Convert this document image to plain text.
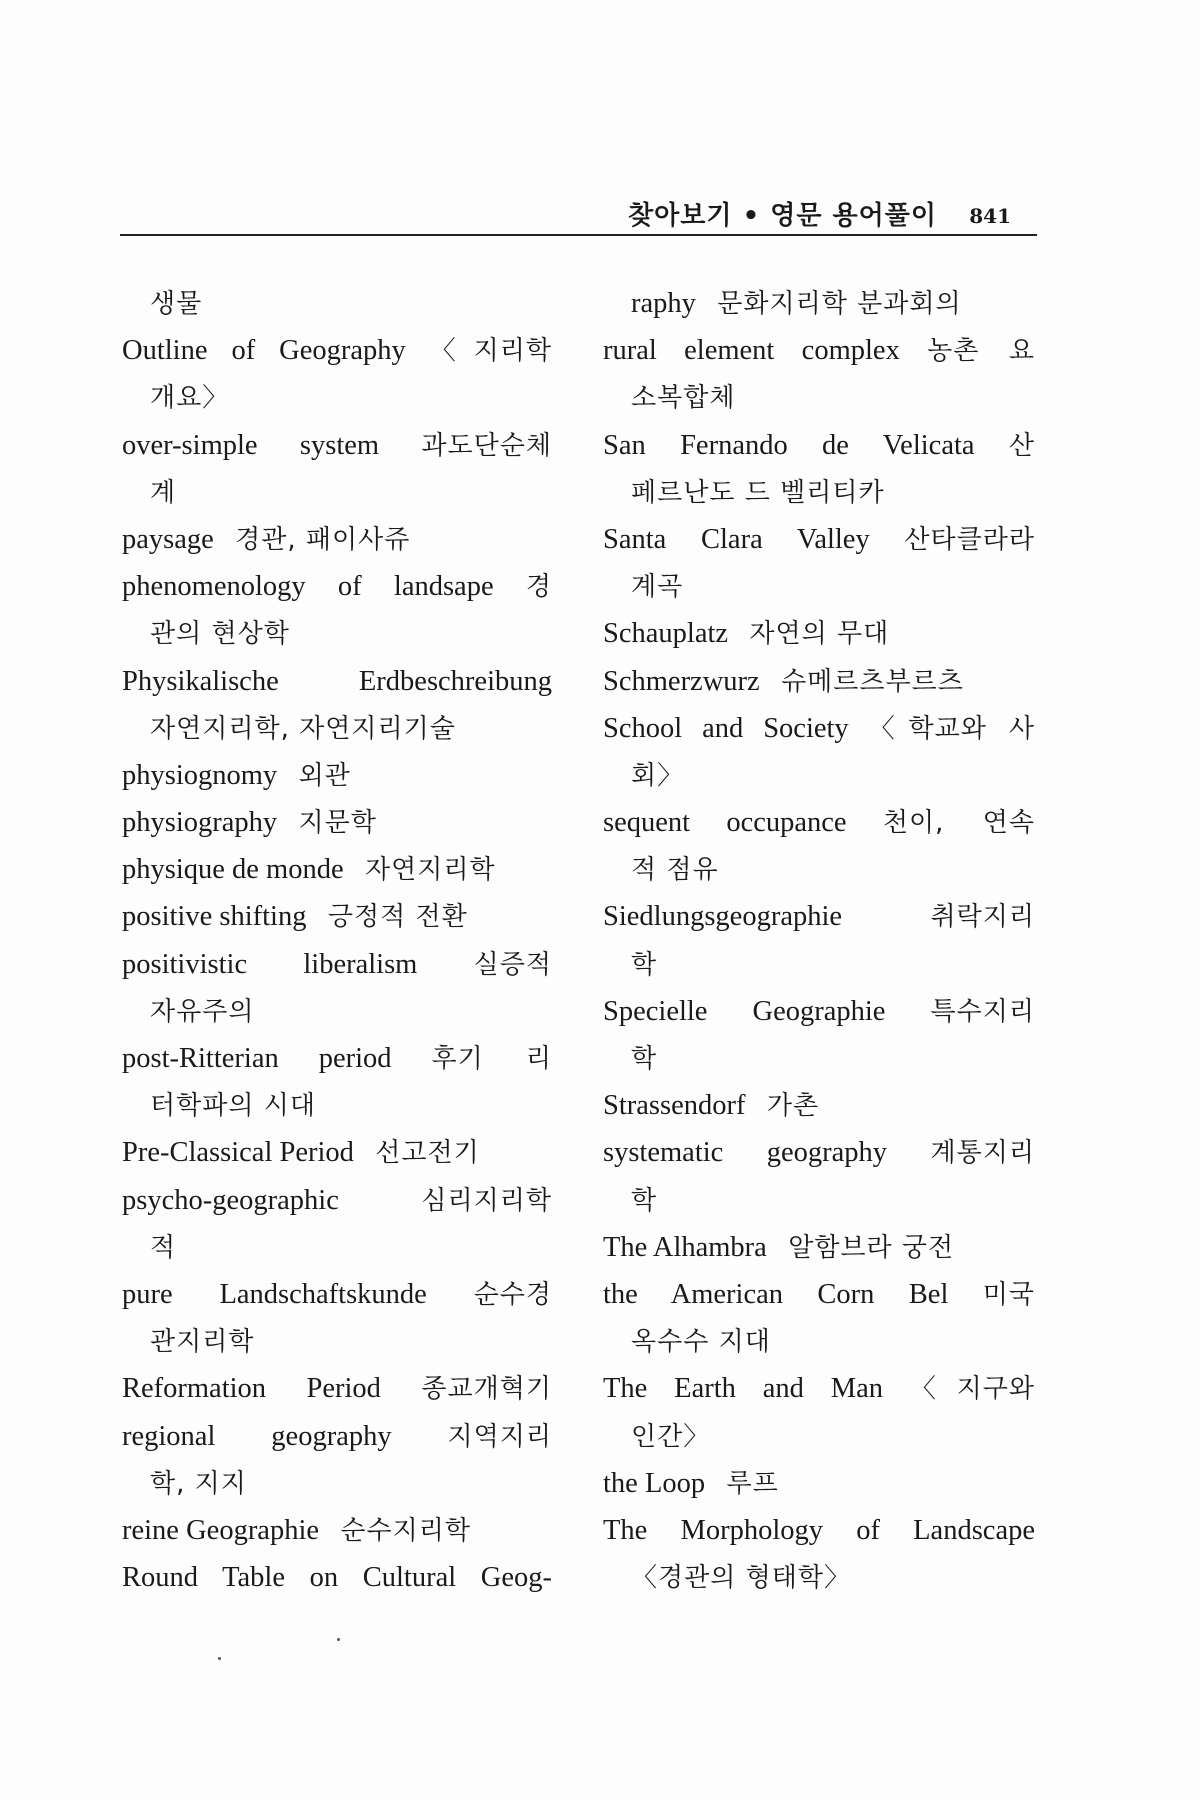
찾아보기 • 영문 용어풀이 841
생물
Outline of Geography 〈지리학
개요〉
over-simple system 과도단순체
계
paysage 경관, 패이사쥬
phenomenology of landsape 경
관의 현상학
Physikalische Erdbeschreibung
자연지리학, 자연지리기술
physiognomy 외관
physiography 지문학
physique de monde 자연지리학
positive shifting 긍정적 전환
positivistic liberalism 실증적
자유주의
post-Ritterian period 후기 리
터학파의 시대
Pre-Classical Period 선고전기
psycho-geographic	심리지리학
적
pure Landschaftskunde 순수경
관지리학
Reformation Period 종교개혁기
regional geography 지역지리
학, 지지
reine Geographie 순수지리학
Round Table on Cultural Geog-
raphy 문화지리학 분과회의
rural element complex 농촌 요
소복합체
San Fernando de Velicata 산
페르난도 드 벨리티카
Santa Clara Valley 산타클라라
계곡
Schauplatz 자연의 무대
Schmerzwurz 슈메르츠부르츠
School and Society 〈학교와 사
회〉
sequent occupance 천이, 연속
적 점유
Siedlungsgeographie	취락지리
학
Specielle Geographie 특수지리
학
Strassendorf 가촌
systematic geography 계통지리
학
The Alhambra 알함브라 궁전
the American Corn Bel 미국
옥수수 지대
The Earth and Man 〈지구와
인간〉
the Loop 루프
The Morphology of Landscape
〈경관의 형태학〉
